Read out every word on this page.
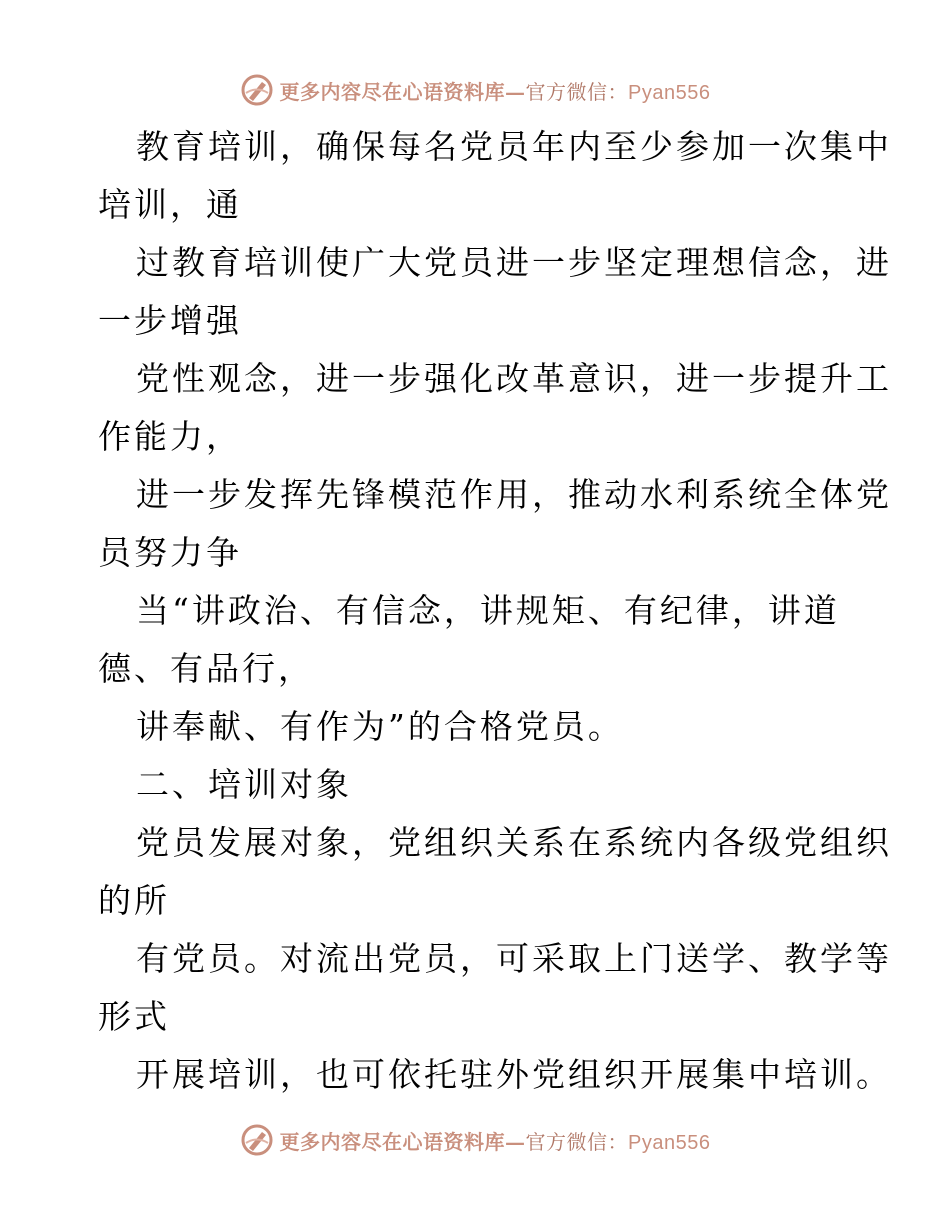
更多内容尽在心语资料库—官方微信：Pyan556
教育培训，确保每名党员年内至少参加一次集中
培训，通
过教育培训使广大党员进一步坚定理想信念，进
一步增强
党性观念，进一步强化改革意识，进一步提升工
作能力，
进一步发挥先锋模范作用，推动水利系统全体党
员努力争
当“讲政治、有信念，讲规矩、有纪律，讲道
德、有品行，
讲奉献、有作为”的合格党员。
二、培训对象
党员发展对象，党组织关系在系统内各级党组织
的所
有党员。对流出党员，可采取上门送学、教学等
形式
开展培训，也可依托驻外党组织开展集中培训。
更多内容尽在心语资料库—官方微信：Pyan556
